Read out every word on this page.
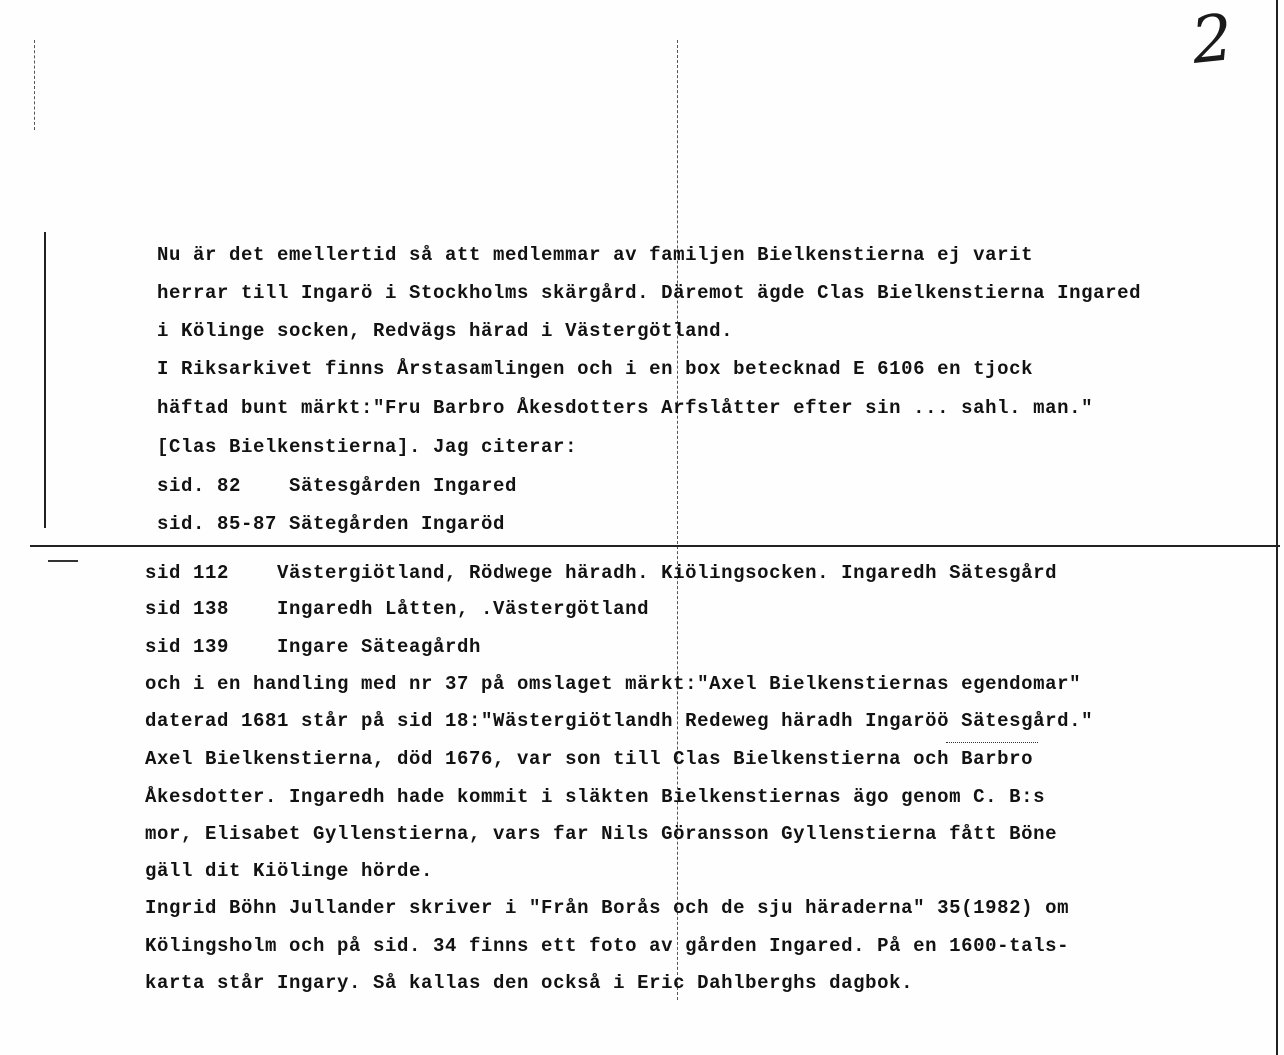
2
Nu är det emellertid så att medlemmar av familjen Bielkenstierna ej varit
herrar till Ingarö i Stockholms skärgård. Däremot ägde Clas Bielkenstierna Ingared
i Kölinge socken, Redvägs härad i Västergötland.
I Riksarkivet finns Årstasamlingen och i en box betecknad E 6106 en tjock
häftad bunt märkt:"Fru Barbro Åkesdotters Arfslåtter efter sin ... sahl. man."
[Clas Bielkenstierna]. Jag citerar:
sid. 82    Sätesgården Ingared
sid. 85-87 Sätegården Ingaröd
sid 112    Västergiötland, Rödwege häradh. Kiölingsocken. Ingaredh Sätesgård
sid 138    Ingaredh Låtten, .Västergötland
sid 139    Ingare Säteagårdh
och i en handling med nr 37 på omslaget märkt:"Axel Bielkenstiernas egendomar"
daterad 1681 står på sid 18:"Wästergiötlandh Redeweg häradh Ingaröö Sätesgård."
Axel Bielkenstierna, död 1676, var son till Clas Bielkenstierna och Barbro
Åkesdotter. Ingaredh hade kommit i släkten Bielkenstiernas ägo genom C. B:s
mor, Elisabet Gyllenstierna, vars far Nils Göransson Gyllenstierna fått Böne
gäll dit Kiölinge hörde.
Ingrid Böhn Jullander skriver i "Från Borås och de sju häraderna" 35(1982) om
Kölingsholm och på sid. 34 finns ett foto av gården Ingared. På en 1600-tals-
karta står Ingary. Så kallas den också i Eric Dahlberghs dagbok.
